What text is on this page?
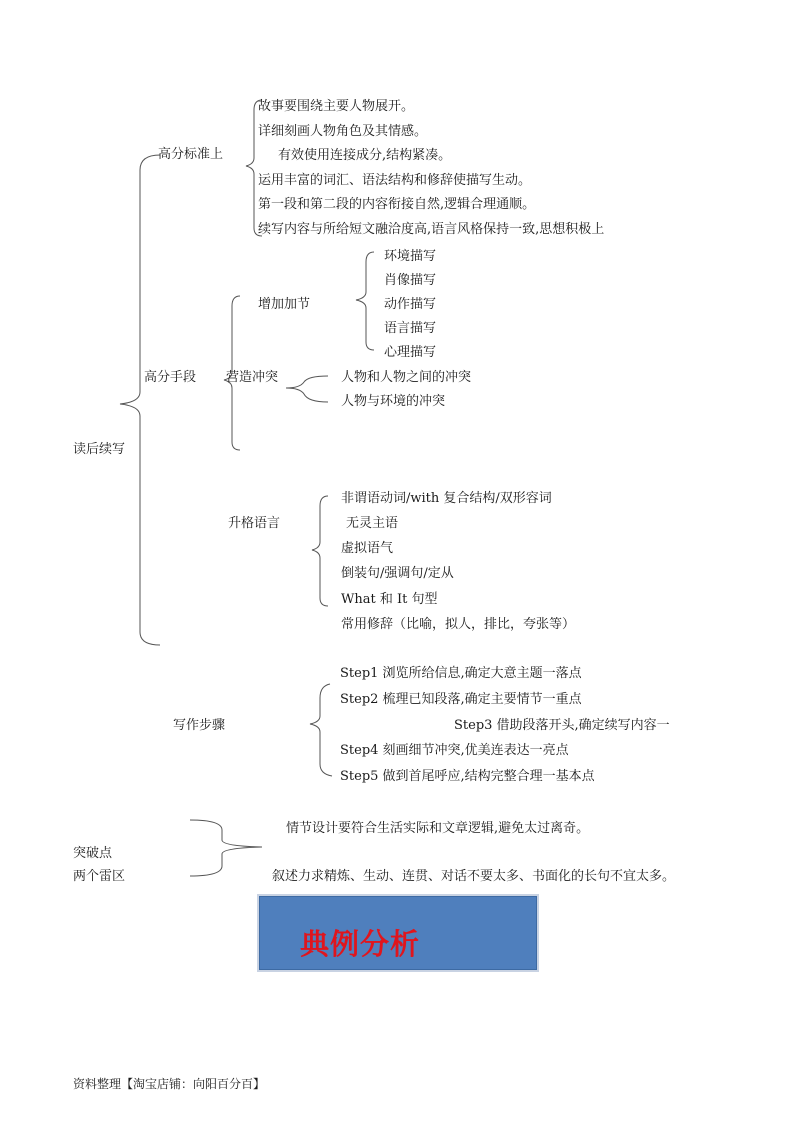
读后续写
高分标准上
故事要围绕主要人物展开。
详细刻画人物角色及其情感。
有效使用连接成分,结构紧凑。
运用丰富的词汇、语法结构和修辞使描写生动。
第一段和第二段的内容衔接自然,逻辑合理通顺。
续写内容与所给短文融洽度高,语言风格保持一致,思想积极上
高分手段
增加加节
环境描写
肖像描写
动作描写
语言描写
心理描写
营造冲突	人物和人物之间的冲突
人物与环境的冲突
升格语言
非谓语动词/with 复合结构/双形容词
无灵主语
虚拟语气
倒装句/强调句/定从
What 和 It 句型
常用修辞（比喻，拟人，排比，夸张等）
写作步骤
Step1 浏览所给信息,确定大意主题一落点
Step2 梳理已知段落,确定主要情节一重点
Step3 借助段落开头,确定续写内容一
Step4 刻画细节冲突,优美连表达一亮点
Step5 做到首尾呼应,结构完整合理一基本点
突破点
两个雷区
情节设计要符合生活实际和文章逻辑,避免太过离奇。
叙述力求精炼、生动、连贯、对话不要太多、书面化的长句不宜太多。
典例分析
资料整理【淘宝店铺：向阳百分百】
